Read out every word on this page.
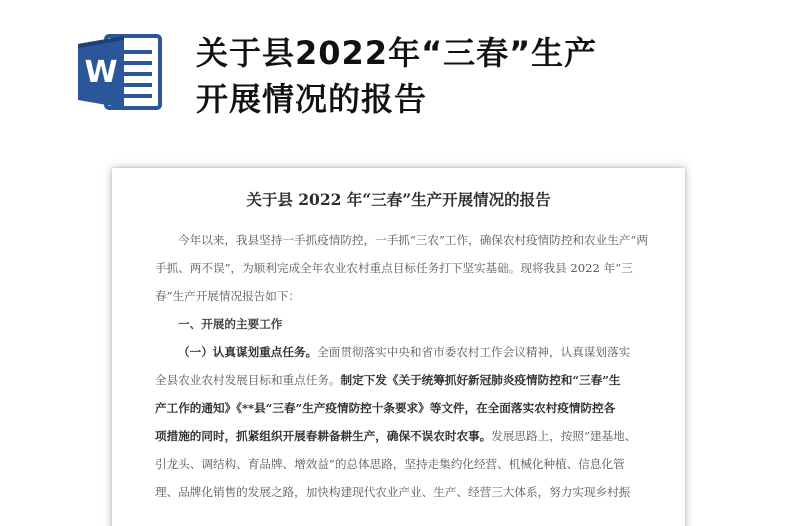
W
关于县2022年“三春”生产
开展情况的报告
关于县 2022 年“三春”生产开展情况的报告
今年以来，我县坚持一手抓疫情防控，一手抓“三农”工作，确保农村疫情防控和农业生产“两
手抓、两不误”，为顺利完成全年农业农村重点目标任务打下坚实基础。现将我县 2022 年“三
春”生产开展情况报告如下：
一、开展的主要工作
（一）认真谋划重点任务。全面贯彻落实中央和省市委农村工作会议精神，认真谋划落实
全县农业农村发展目标和重点任务。制定下发《关于统筹抓好新冠肺炎疫情防控和“三春”生
产工作的通知》《**县“三春”生产疫情防控十条要求》等文件，在全面落实农村疫情防控各
项措施的同时，抓紧组织开展春耕备耕生产，确保不误农时农事。发展思路上，按照“建基地、
引龙头、调结构、育品牌、增效益”的总体思路，坚持走集约化经营、机械化种植、信息化管
理、品牌化销售的发展之路，加快构建现代农业产业、生产、经营三大体系，努力实现乡村振
